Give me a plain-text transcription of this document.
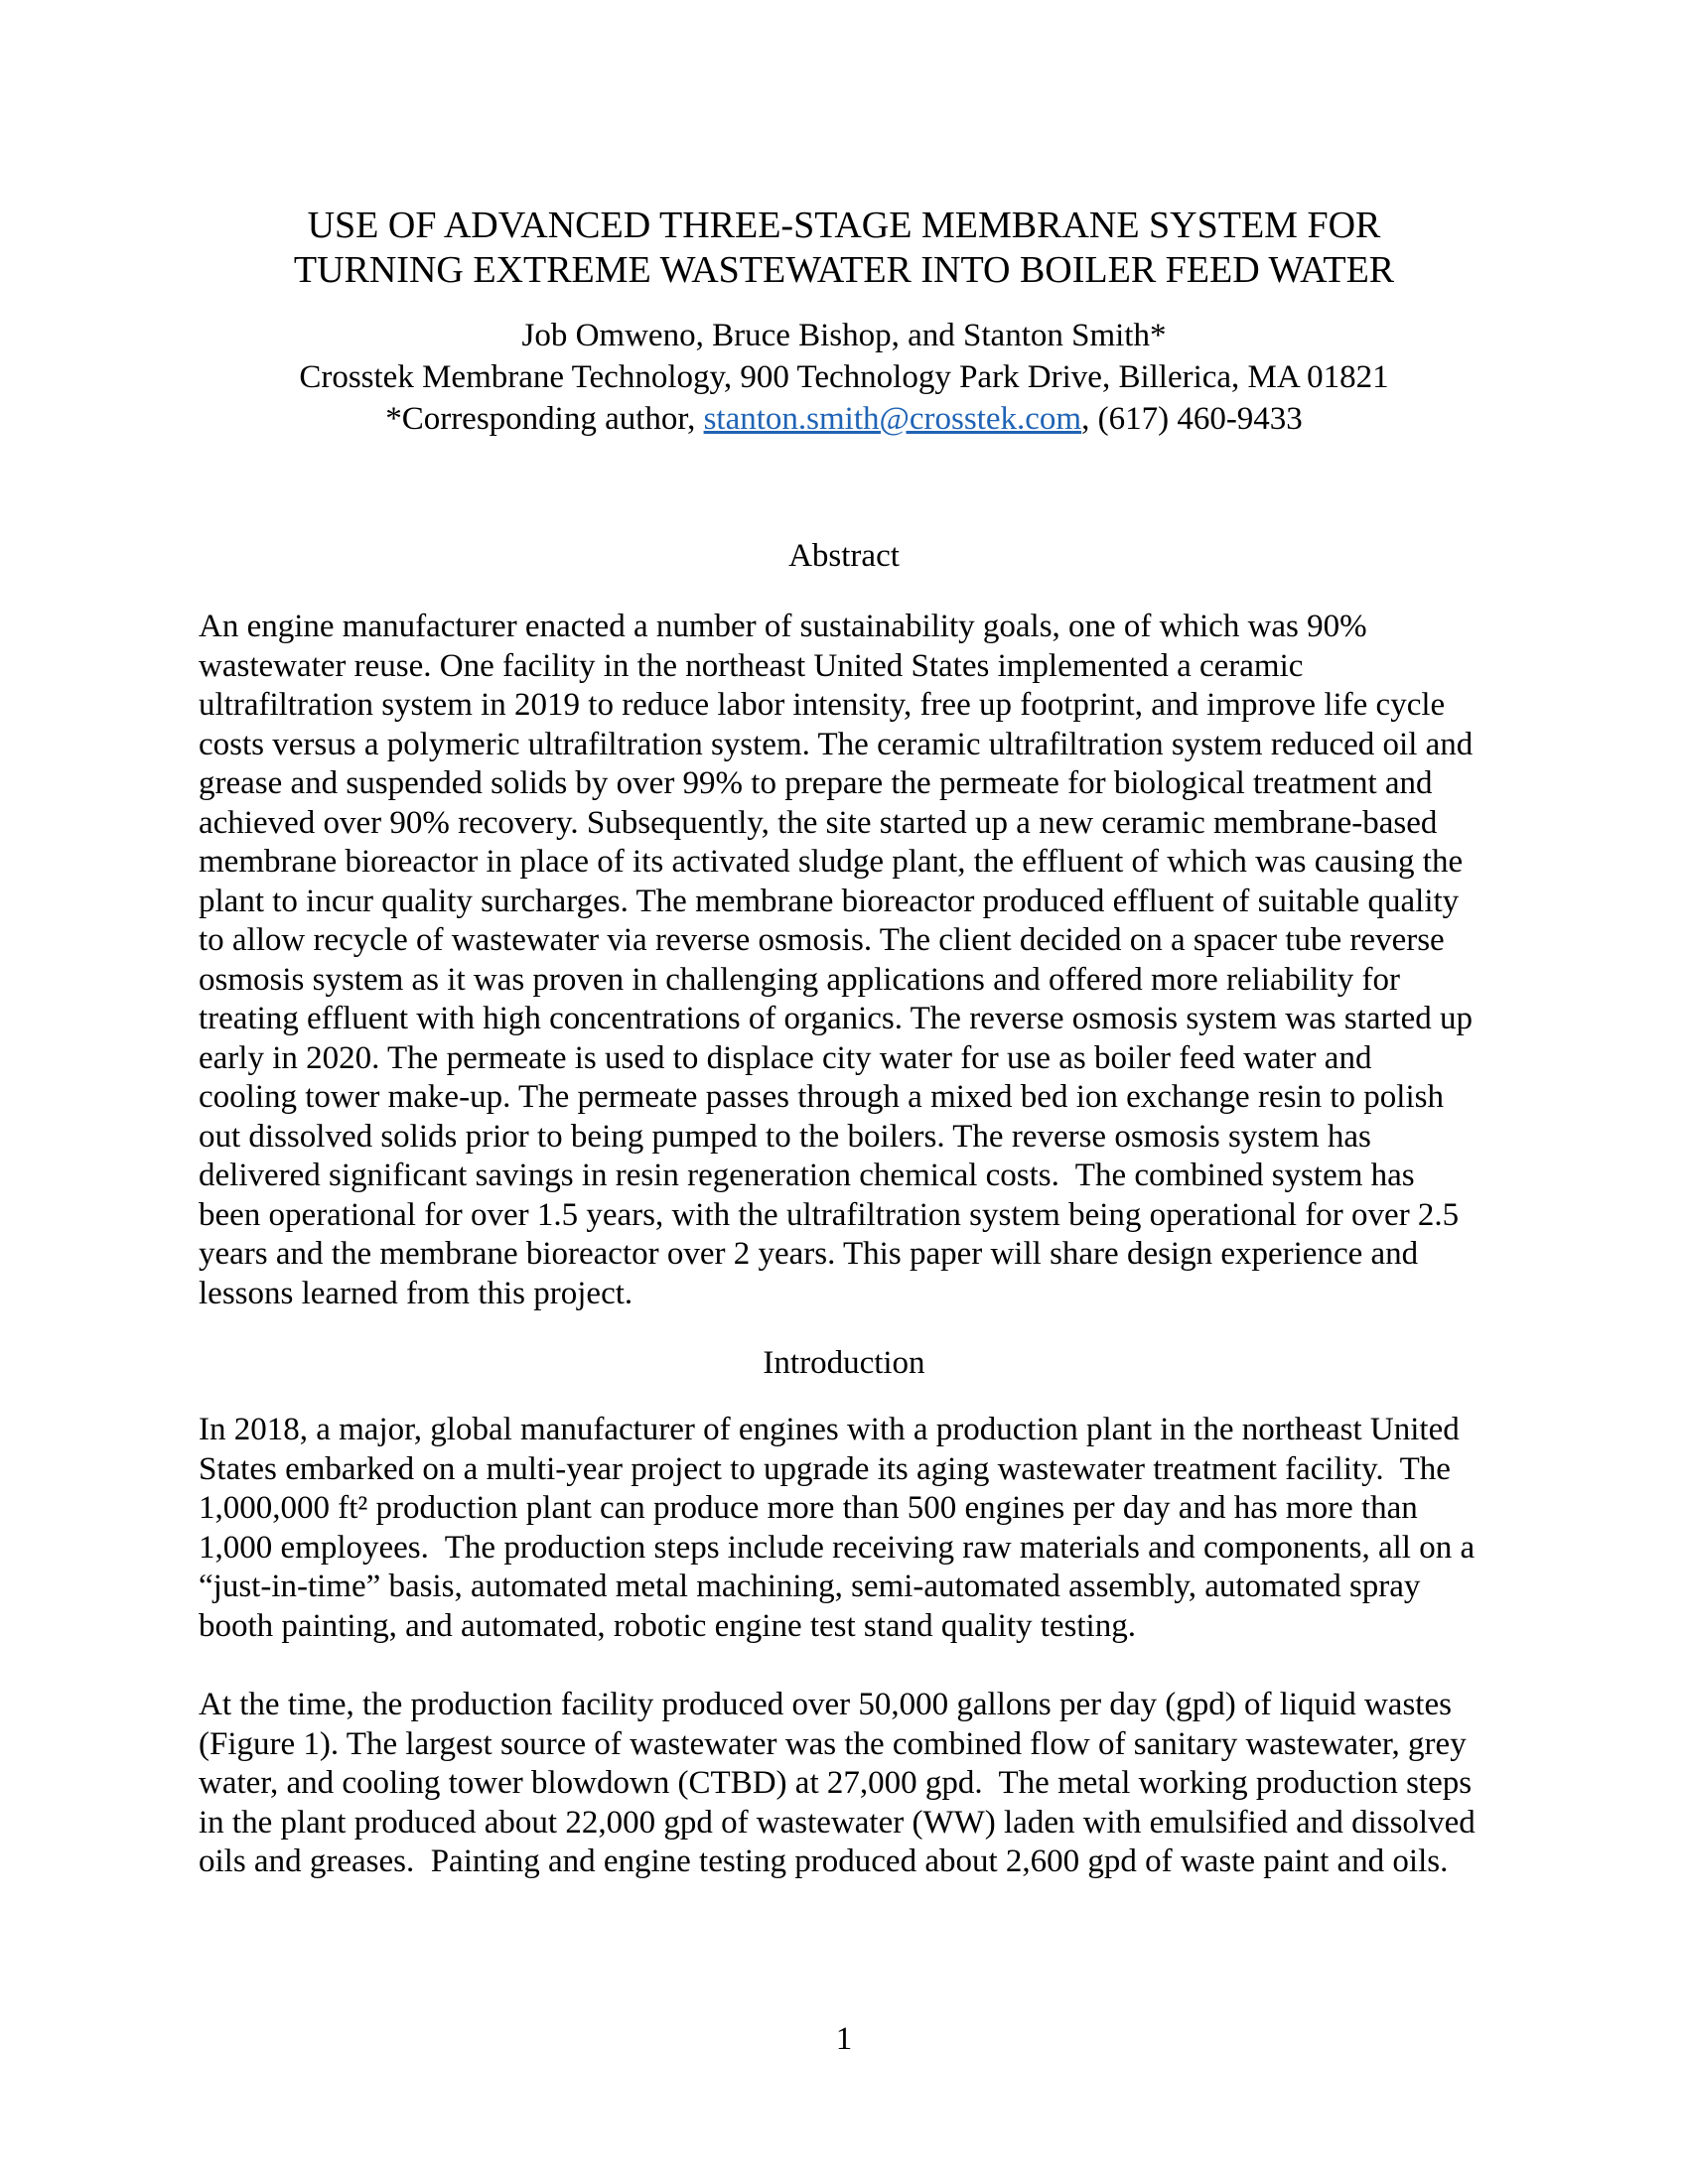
USE OF ADVANCED THREE-STAGE MEMBRANE SYSTEM FOR
TURNING EXTREME WASTEWATER INTO BOILER FEED WATER
Job Omweno, Bruce Bishop, and Stanton Smith*
Crosstek Membrane Technology, 900 Technology Park Drive, Billerica, MA 01821
*Corresponding author, stanton.smith@crosstek.com, (617) 460-9433
Abstract
An engine manufacturer enacted a number of sustainability goals, one of which was 90%
wastewater reuse. One facility in the northeast United States implemented a ceramic
ultrafiltration system in 2019 to reduce labor intensity, free up footprint, and improve life cycle
costs versus a polymeric ultrafiltration system. The ceramic ultrafiltration system reduced oil and
grease and suspended solids by over 99% to prepare the permeate for biological treatment and
achieved over 90% recovery. Subsequently, the site started up a new ceramic membrane-based
membrane bioreactor in place of its activated sludge plant, the effluent of which was causing the
plant to incur quality surcharges. The membrane bioreactor produced effluent of suitable quality
to allow recycle of wastewater via reverse osmosis. The client decided on a spacer tube reverse
osmosis system as it was proven in challenging applications and offered more reliability for
treating effluent with high concentrations of organics. The reverse osmosis system was started up
early in 2020. The permeate is used to displace city water for use as boiler feed water and
cooling tower make-up. The permeate passes through a mixed bed ion exchange resin to polish
out dissolved solids prior to being pumped to the boilers. The reverse osmosis system has
delivered significant savings in resin regeneration chemical costs.  The combined system has
been operational for over 1.5 years, with the ultrafiltration system being operational for over 2.5
years and the membrane bioreactor over 2 years. This paper will share design experience and
lessons learned from this project.
Introduction
In 2018, a major, global manufacturer of engines with a production plant in the northeast United
States embarked on a multi-year project to upgrade its aging wastewater treatment facility.  The
1,000,000 ft² production plant can produce more than 500 engines per day and has more than
1,000 employees.  The production steps include receiving raw materials and components, all on a
“just-in-time” basis, automated metal machining, semi-automated assembly, automated spray
booth painting, and automated, robotic engine test stand quality testing.
At the time, the production facility produced over 50,000 gallons per day (gpd) of liquid wastes
(Figure 1). The largest source of wastewater was the combined flow of sanitary wastewater, grey
water, and cooling tower blowdown (CTBD) at 27,000 gpd.  The metal working production steps
in the plant produced about 22,000 gpd of wastewater (WW) laden with emulsified and dissolved
oils and greases.  Painting and engine testing produced about 2,600 gpd of waste paint and oils.
1
